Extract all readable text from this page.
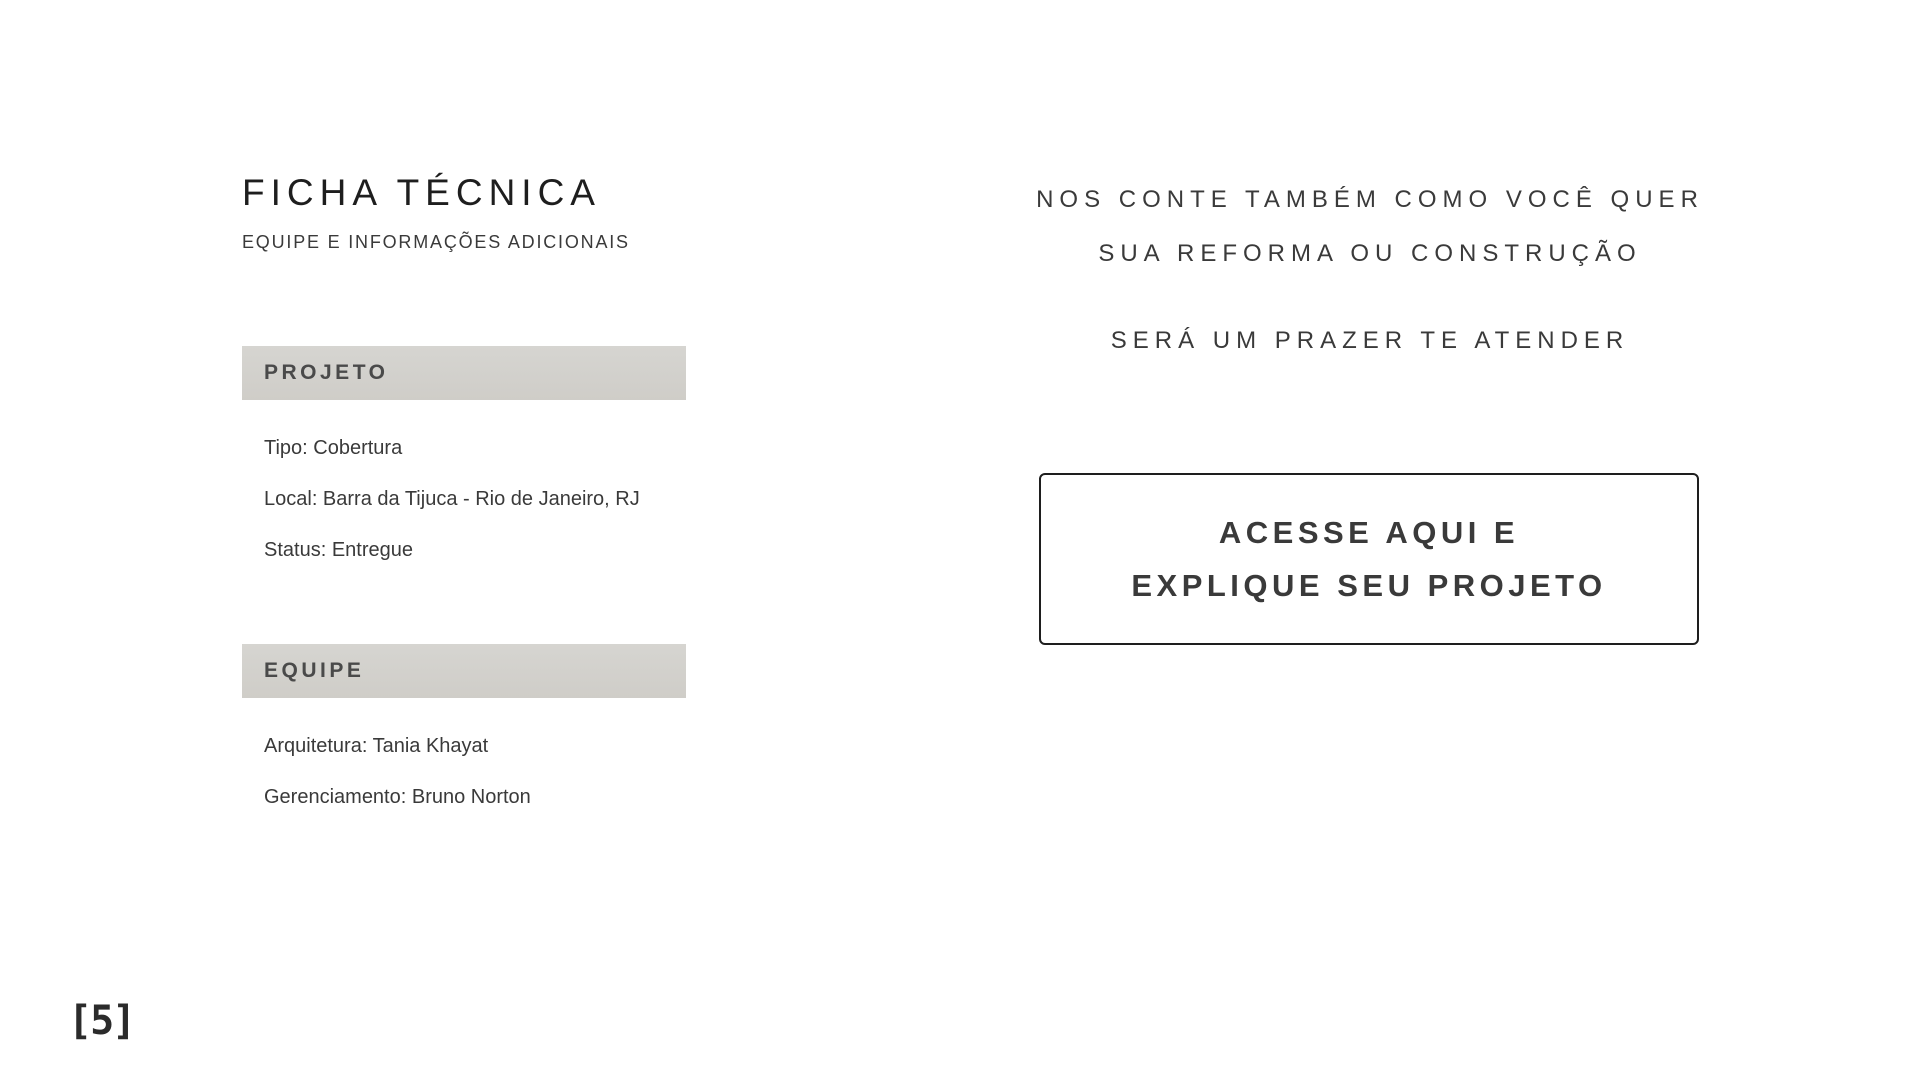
FICHA TÉCNICA
EQUIPE E INFORMAÇÕES ADICIONAIS
PROJETO
Tipo: Cobertura
Local: Barra da Tijuca - Rio de Janeiro, RJ
Status: Entregue
EQUIPE
Arquitetura: Tania Khayat
Gerenciamento: Bruno Norton
NOS CONTE TAMBÉM COMO VOCÊ QUER
SUA REFORMA OU CONSTRUÇÃO
SERÁ UM PRAZER TE ATENDER
ACESSE AQUI E
EXPLIQUE SEU PROJETO
[5]
